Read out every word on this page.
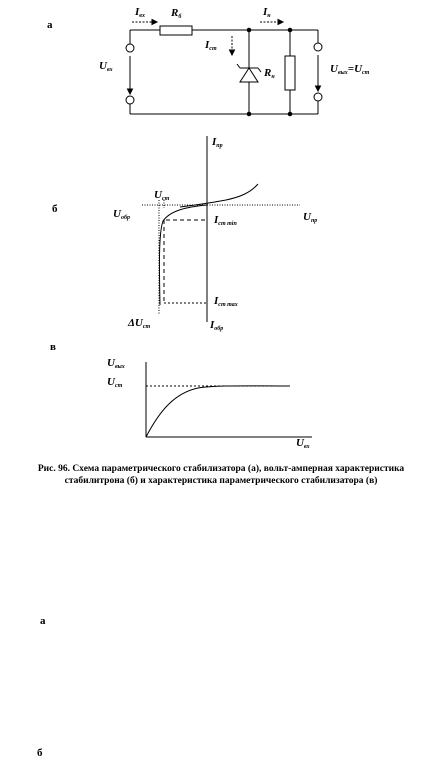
а
б
в
а
б
$I_{вх}$ $R_б$	$I_н$
$I_{ст}$
$R_н$
$U_{вх}$	$U_{вых}=U_{ст}$
$I_{пр}$
$U_{ст}$
$U_{обр}$	$I_{ст min}$
$U_{пр}$
$I_{ст max}$
$\Delta U_{ст}$	$I_{обр}$
$U_{вых}$
$U_{ст}$
$U_{вх}$
Рис. 96. Схема параметрического стабилизатора (а), вольт-амперная характеристика стабилитрона (б) и характеристика параметрического стабилизатора (в)
